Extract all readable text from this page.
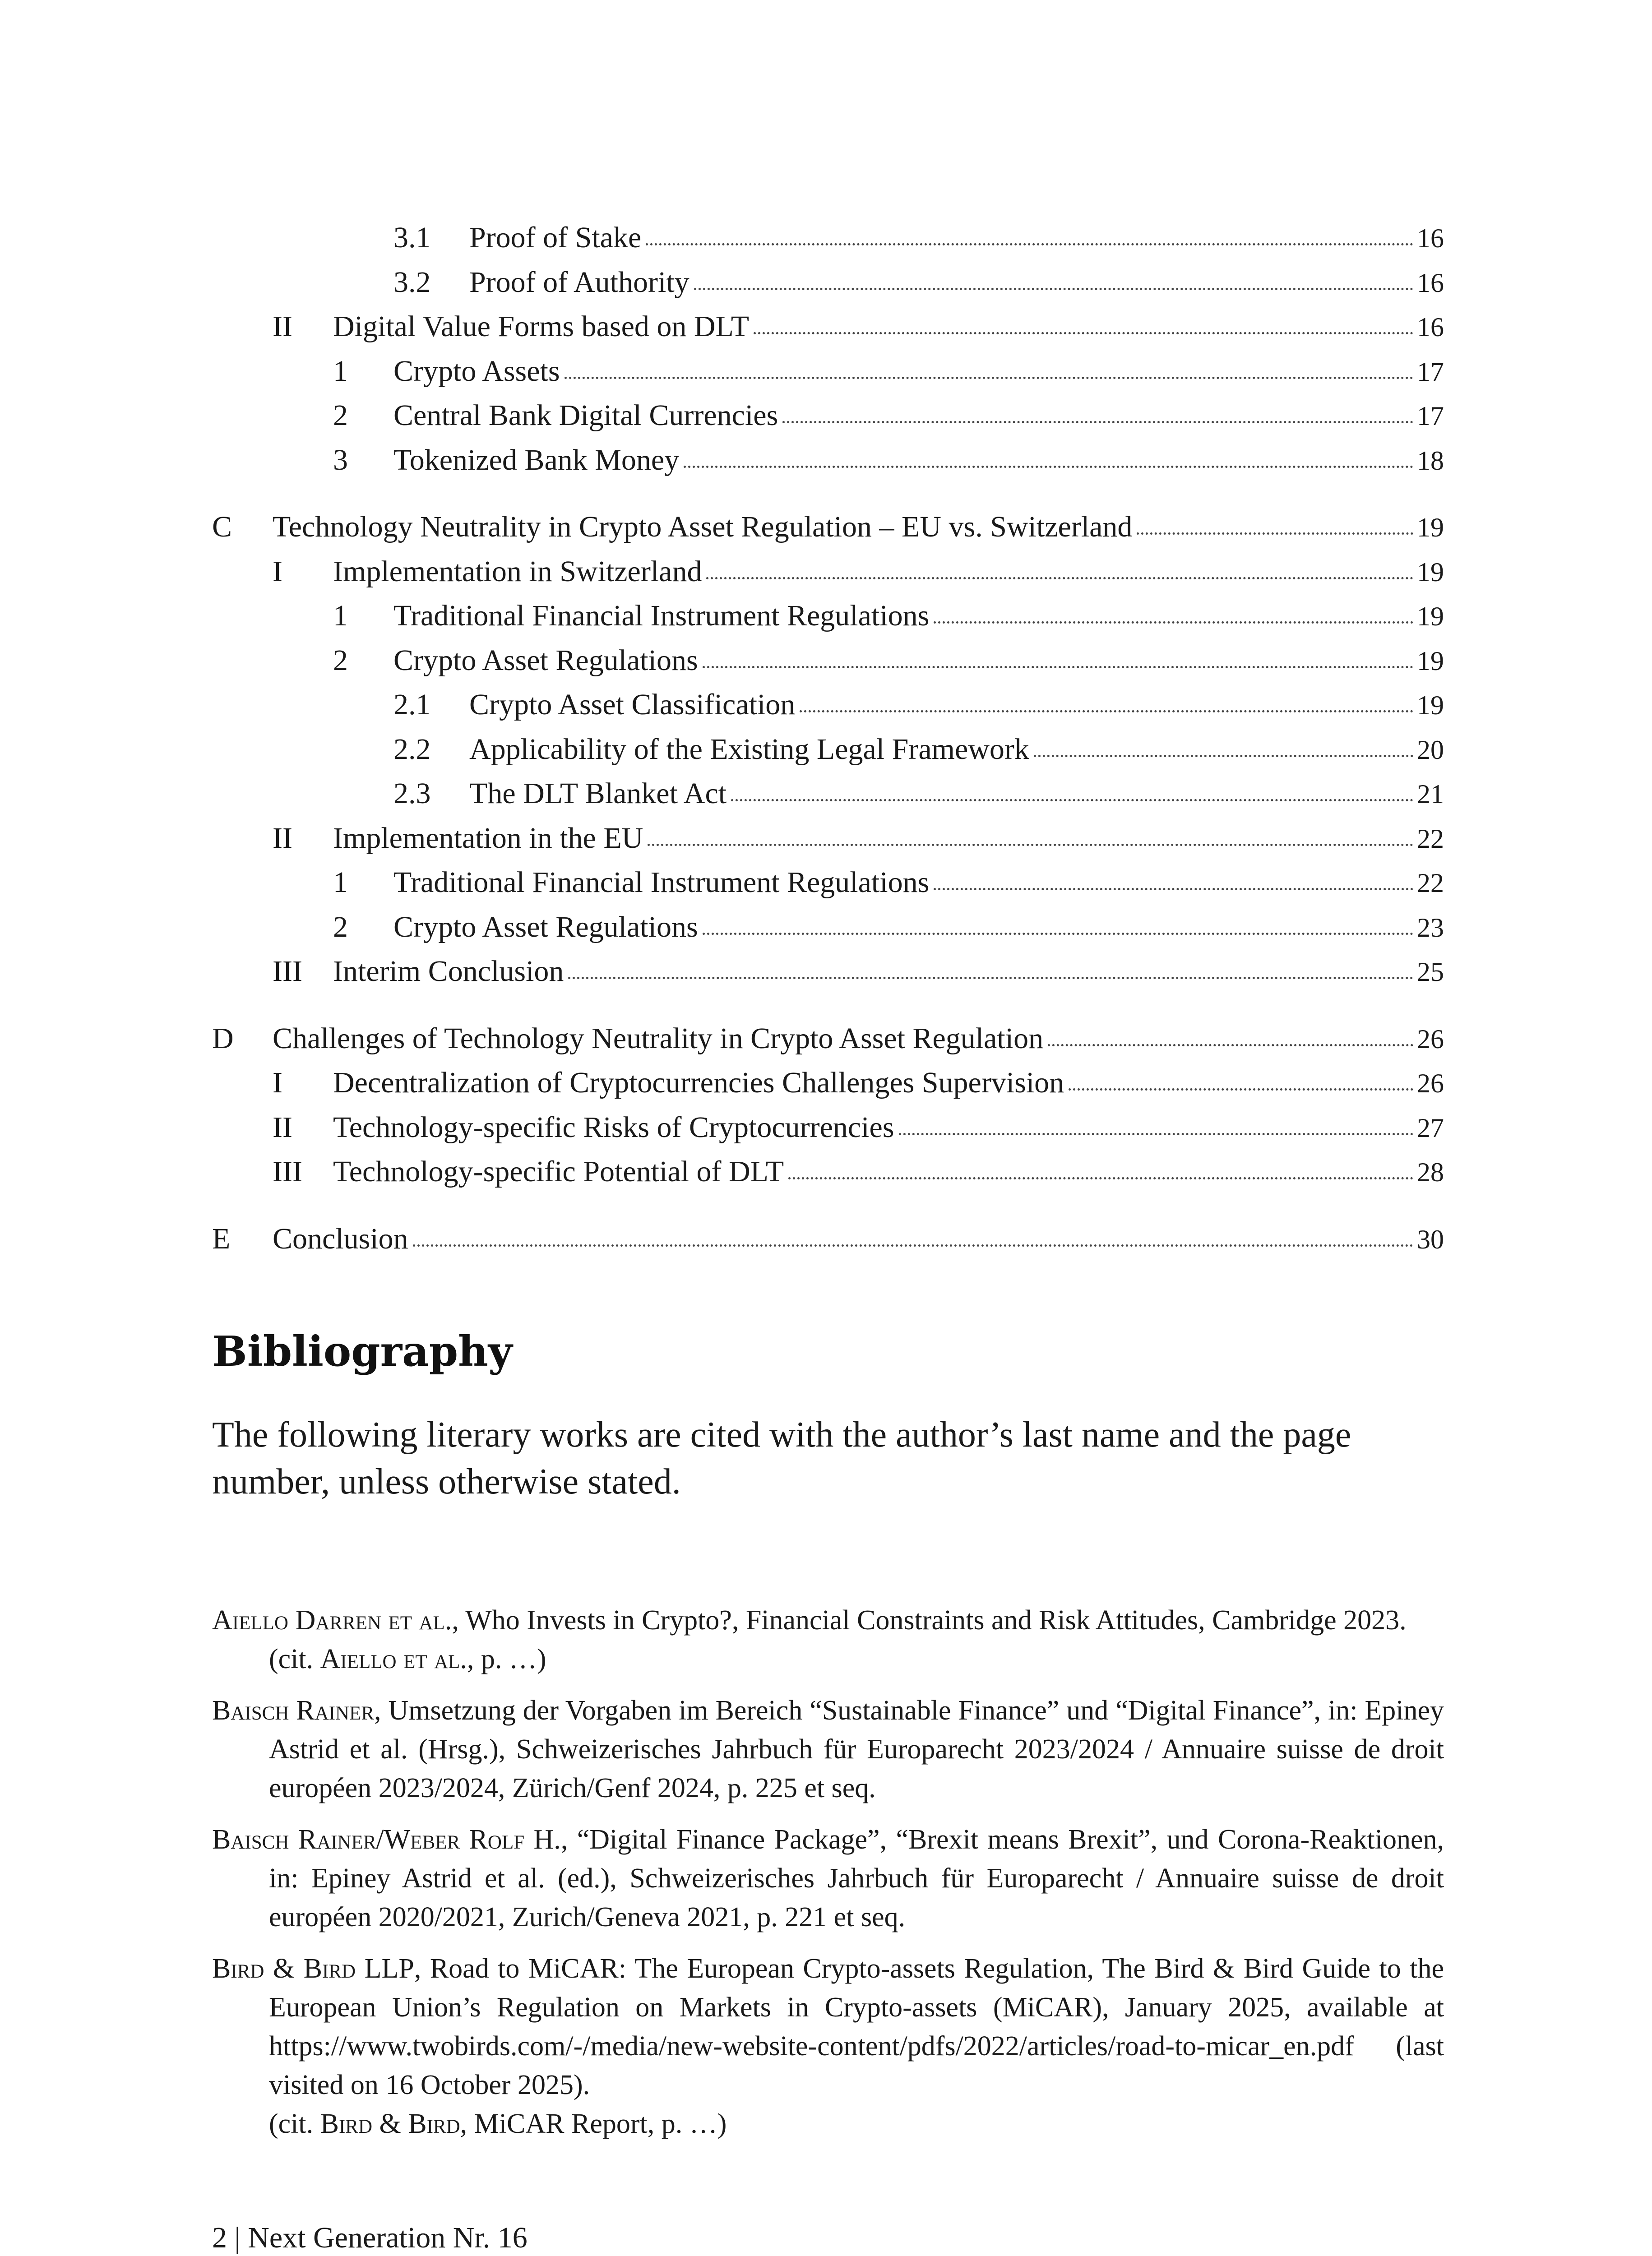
3.1	Proof of Stake	16
3.2	Proof of Authority	16
II	Digital Value Forms based on DLT	16
1	Crypto Assets	17
2	Central Bank Digital Currencies	17
3	Tokenized Bank Money	18
C	Technology Neutrality in Crypto Asset Regulation – EU vs. Switzerland	19
I	Implementation in Switzerland	19
1	Traditional Financial Instrument Regulations	19
2	Crypto Asset Regulations	19
2.1	Crypto Asset Classification	19
2.2	Applicability of the Existing Legal Framework	20
2.3	The DLT Blanket Act	21
II	Implementation in the EU	22
1	Traditional Financial Instrument Regulations	22
2	Crypto Asset Regulations	23
III	Interim Conclusion	25
D	Challenges of Technology Neutrality in Crypto Asset Regulation	26
I	Decentralization of Cryptocurrencies Challenges Supervision	26
II	Technology-specific Risks of Cryptocurrencies	27
III	Technology-specific Potential of DLT	28
E	Conclusion	30
Bibliography

The following literary works are cited with the author’s last name and the page number, unless otherwise stated.

Aiello Darren et al., Who Invests in Crypto?, Financial Constraints and Risk Attitudes, Cambridge 2023.
(cit. Aiello et al., p. …)

Baisch Rainer, Umsetzung der Vorgaben im Bereich “Sustainable Finance” und “Digital Finance”, in: Epiney Astrid et al. (Hrsg.), Schweizerisches Jahrbuch für Europarecht 2023/2024 / Annuaire suisse de droit européen 2023/2024, Zürich/Genf 2024, p. 225 et seq.

Baisch Rainer/Weber Rolf H., “Digital Finance Package”, “Brexit means Brexit”, und Corona-Reaktionen, in: Epiney Astrid et al. (ed.), Schweizerisches Jahrbuch für Europarecht / Annuaire suisse de droit européen 2020/2021, Zurich/Geneva 2021, p. 221 et seq.

Bird & Bird LLP, Road to MiCAR: The European Crypto-assets Regulation, The Bird & Bird Guide to the European Union’s Regulation on Markets in Crypto-assets (MiCAR), January 2025, available at https://www.twobirds.com/-/media/new-website-content/pdfs/2022/articles/road-to-micar_en.pdf (last visited on 16 October 2025).
(cit. Bird & Bird, MiCAR Report, p. …)

2 | Next Generation Nr. 16
